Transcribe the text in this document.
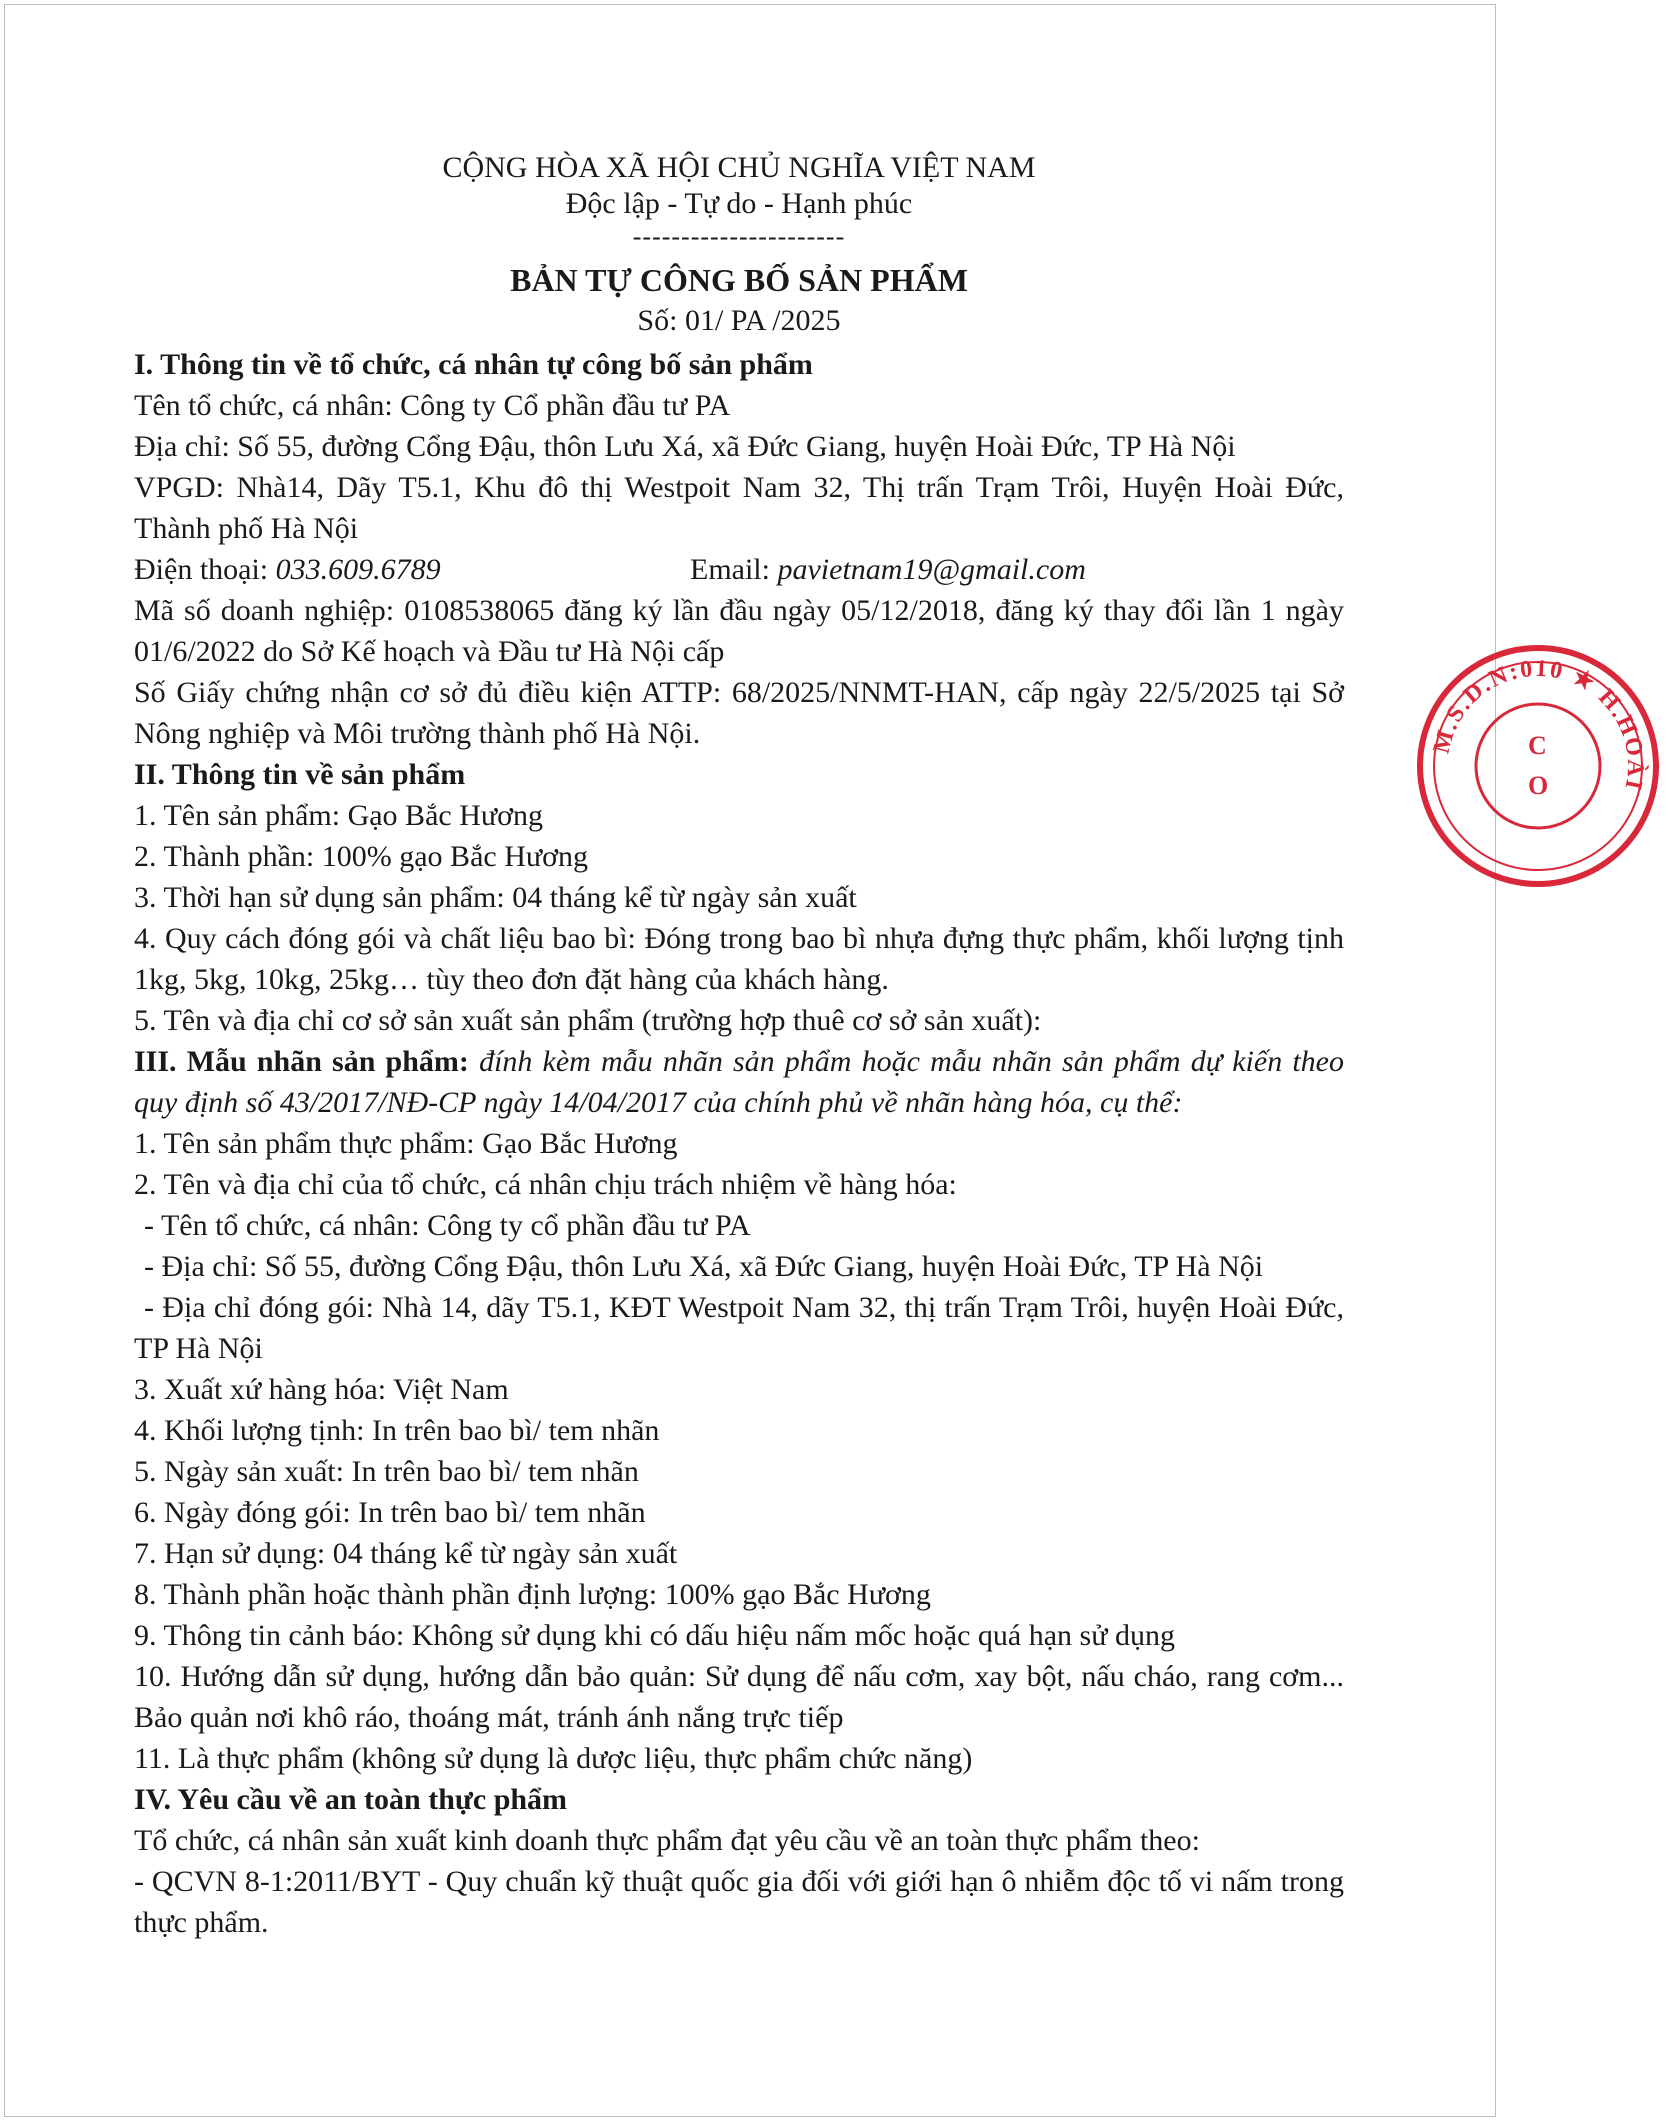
CỘNG HÒA XÃ HỘI CHỦ NGHĨA VIỆT NAM
Độc lập - Tự do - Hạnh phúc
----------------------
BẢN TỰ CÔNG BỐ SẢN PHẨM
Số: 01/ PA /2025
I. Thông tin về tổ chức, cá nhân tự công bố sản phẩm
Tên tổ chức, cá nhân: Công ty Cổ phần đầu tư PA
Địa chỉ: Số 55, đường Cổng Đậu, thôn Lưu Xá, xã Đức Giang, huyện Hoài Đức, TP Hà Nội
VPGD: Nhà14, Dãy T5.1, Khu đô thị Westpoit Nam 32, Thị trấn Trạm Trôi, Huyện Hoài Đức, Thành phố Hà Nội
Điện thoại: 033.609.6789	Email: pavietnam19@gmail.com
Mã số doanh nghiệp: 0108538065 đăng ký lần đầu ngày 05/12/2018, đăng ký thay đổi lần 1 ngày 01/6/2022 do Sở Kế hoạch và Đầu tư Hà Nội cấp
Số Giấy chứng nhận cơ sở đủ điều kiện ATTP: 68/2025/NNMT-HAN, cấp ngày 22/5/2025 tại Sở Nông nghiệp và Môi trường thành phố Hà Nội.
II. Thông tin về sản phẩm
1. Tên sản phẩm: Gạo Bắc Hương
2. Thành phần: 100% gạo Bắc Hương
3. Thời hạn sử dụng sản phẩm: 04 tháng kể từ ngày sản xuất
4. Quy cách đóng gói và chất liệu bao bì: Đóng trong bao bì nhựa đựng thực phẩm, khối lượng tịnh 1kg, 5kg, 10kg, 25kg… tùy theo đơn đặt hàng của khách hàng.
5. Tên và địa chỉ cơ sở sản xuất sản phẩm (trường hợp thuê cơ sở sản xuất):
III. Mẫu nhãn sản phẩm: đính kèm mẫu nhãn sản phẩm hoặc mẫu nhãn sản phẩm dự kiến theo quy định số 43/2017/NĐ-CP ngày 14/04/2017 của chính phủ về nhãn hàng hóa, cụ thể:
1. Tên sản phẩm thực phẩm: Gạo Bắc Hương
2. Tên và địa chỉ của tổ chức, cá nhân chịu trách nhiệm về hàng hóa:
- Tên tổ chức, cá nhân: Công ty cổ phần đầu tư PA
- Địa chỉ: Số 55, đường Cổng Đậu, thôn Lưu Xá, xã Đức Giang, huyện Hoài Đức, TP Hà Nội
- Địa chỉ đóng gói: Nhà 14, dãy T5.1, KĐT Westpoit Nam 32, thị trấn Trạm Trôi, huyện Hoài Đức, TP Hà Nội
3. Xuất xứ hàng hóa: Việt Nam
4. Khối lượng tịnh: In trên bao bì/ tem nhãn
5. Ngày sản xuất: In trên bao bì/ tem nhãn
6. Ngày đóng gói: In trên bao bì/ tem nhãn
7. Hạn sử dụng: 04 tháng kể từ ngày sản xuất
8. Thành phần hoặc thành phần định lượng: 100% gạo Bắc Hương
9. Thông tin cảnh báo: Không sử dụng khi có dấu hiệu nấm mốc hoặc quá hạn sử dụng
10. Hướng dẫn sử dụng, hướng dẫn bảo quản: Sử dụng để nấu cơm, xay bột, nấu cháo, rang cơm... Bảo quản nơi khô ráo, thoáng mát, tránh ánh nắng trực tiếp
11. Là thực phẩm (không sử dụng là dược liệu, thực phẩm chức năng)
IV. Yêu cầu về an toàn thực phẩm
Tổ chức, cá nhân sản xuất kinh doanh thực phẩm đạt yêu cầu về an toàn thực phẩm theo:
- QCVN 8-1:2011/BYT - Quy chuẩn kỹ thuật quốc gia đối với giới hạn ô nhiễm độc tố vi nấm trong thực phẩm.
M.S.D.N:010 ★ H.HOÀI
C
O
